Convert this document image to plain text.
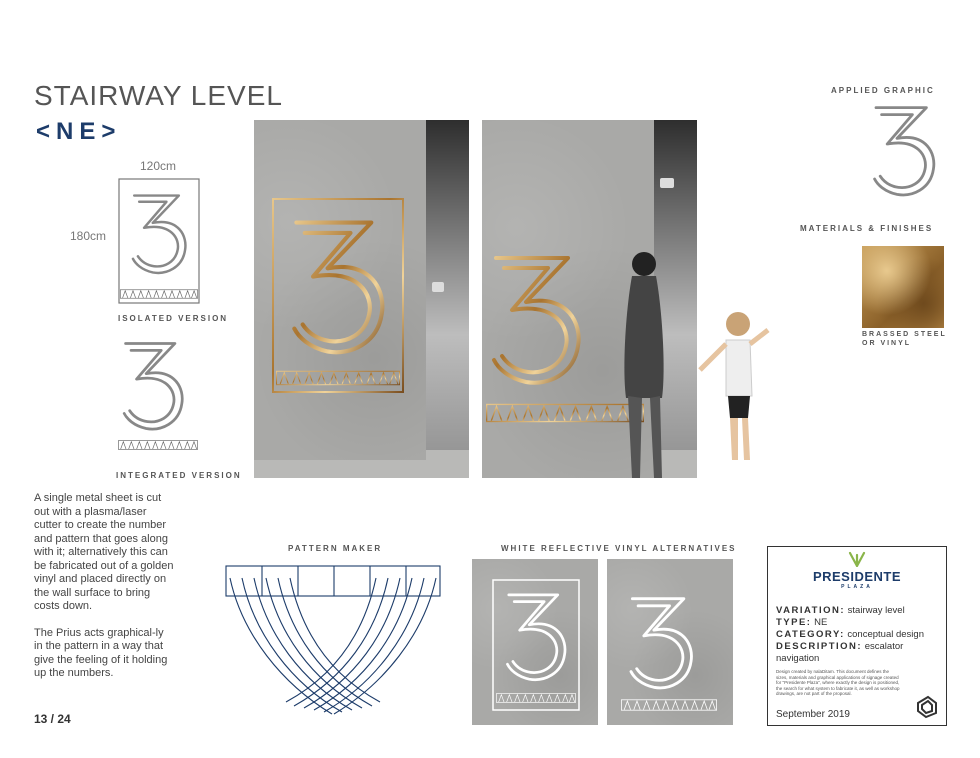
STAIRWAY LEVEL
<NE>
120cm
180cm
ISOLATED VERSION
INTEGRATED VERSION
APPLIED GRAPHIC
MATERIALS & FINISHES
BRASSED STEEL
OR VINYL

A single metal sheet is cut out with a plasma/laser cutter to create the number and pattern that goes along with it; alternatively this can be fabricated out of a golden vinyl and placed directly on the wall surface to bring costs down.

The Prius acts graphical-ly in the pattern in a way that give the feeling of it holding up the numbers.

13 / 24
PATTERN MAKER	WHITE REFLECTIVE VINYL ALTERNATIVES
PRESIDENTE
PLAZA
VARIATION: stairway level
TYPE: NE
CATEGORY: conceptual design
DESCRIPTION: escalator navigation
Design created by nalaDitam. This document defines the sizes, materials and graphical applications of signage created for "Presidente Plaza", where exactly the design is positioned, the search for what system to fabricate it, as well as workshop drawings, are not part of the proposal.
September 2019
